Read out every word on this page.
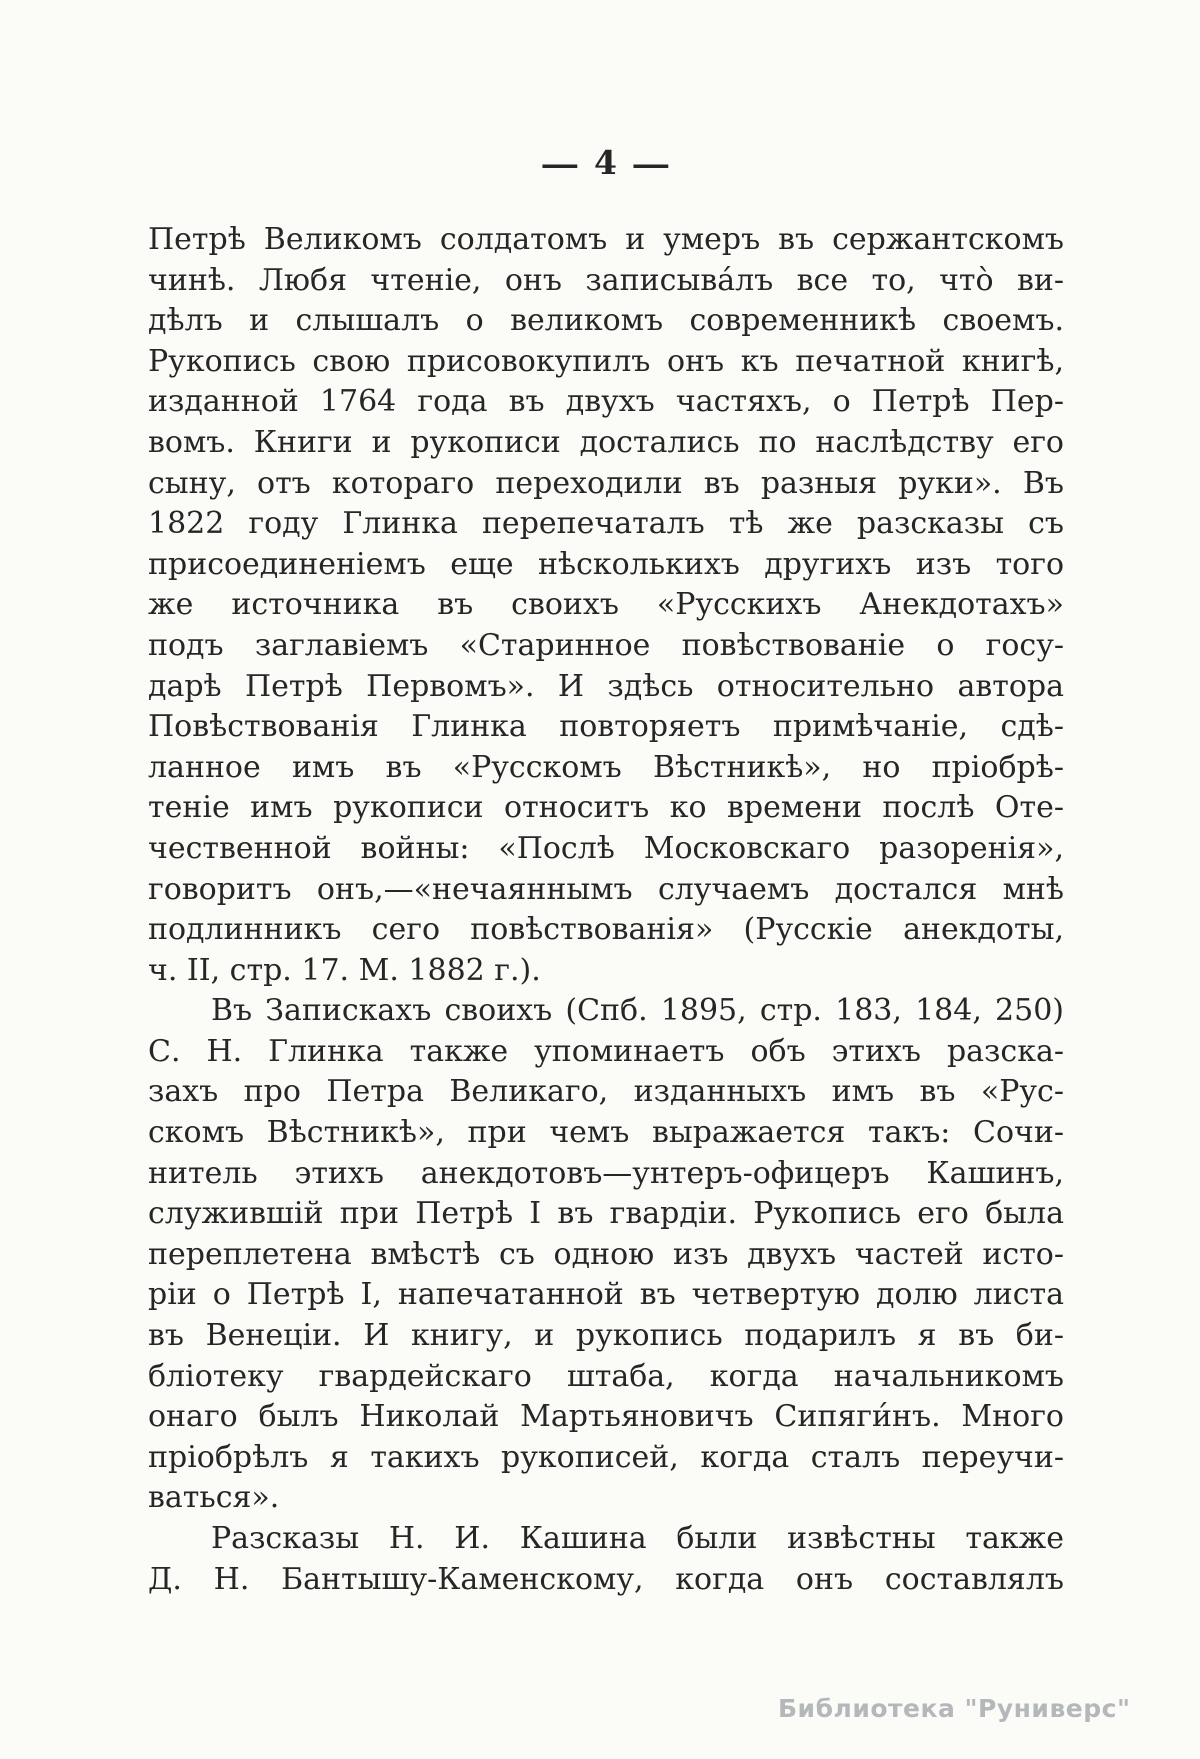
— 4 —
Петрѣ Великомъ солдатомъ и умеръ въ сержантскомъ
чинѣ. Любя чтеніе, онъ записыва́лъ все то, что̀ ви-
дѣлъ и слышалъ о великомъ современникѣ своемъ.
Рукопись свою присовокупилъ онъ къ печатной книгѣ,
изданной 1764 года въ двухъ частяхъ, о Петрѣ Пер-
вомъ. Книги и рукописи достались по наслѣдству его
сыну, отъ котораго переходили въ разныя руки». Въ
1822 году Глинка перепечаталъ тѣ же разсказы съ
присоединеніемъ еще нѣсколькихъ другихъ изъ того
же источника въ своихъ «Русскихъ Анекдотахъ»
подъ заглавіемъ «Старинное повѣствованіе о госу-
дарѣ Петрѣ Первомъ». И здѣсь относительно автора
Повѣствованія Глинка повторяетъ примѣчаніе, сдѣ-
ланное имъ въ «Русскомъ Вѣстникѣ», но пріобрѣ-
теніе имъ рукописи относитъ ко времени послѣ Оте-
чественной войны: «Послѣ Московскаго разоренія»,
говоритъ онъ,—«нечаяннымъ случаемъ достался мнѣ
подлинникъ сего повѣствованія» (Русскіе анекдоты,
ч. II, стр. 17. М. 1882 г.).
Въ Запискахъ своихъ (Спб. 1895, стр. 183, 184, 250)
С. Н. Глинка также упоминаетъ объ этихъ разска-
захъ про Петра Великаго, изданныхъ имъ въ «Рус-
скомъ Вѣстникѣ», при чемъ выражается такъ: Сочи-
нитель этихъ анекдотовъ—унтеръ-офицеръ Кашинъ,
служившій при Петрѣ I въ гвардіи. Рукопись его была
переплетена вмѣстѣ съ одною изъ двухъ частей исто-
ріи о Петрѣ I, напечатанной въ четвертую долю листа
въ Венеціи. И книгу, и рукопись подарилъ я въ би-
бліотеку гвардейскаго штаба, когда начальникомъ
онаго былъ Николай Мартьяновичъ Сипяги́нъ. Много
пріобрѣлъ я такихъ рукописей, когда сталъ переучи-
ваться».
Разсказы Н. И. Кашина были извѣстны также
Д. Н. Бантышу-Каменскому, когда онъ составлялъ
Библиотека "Руниверс"
